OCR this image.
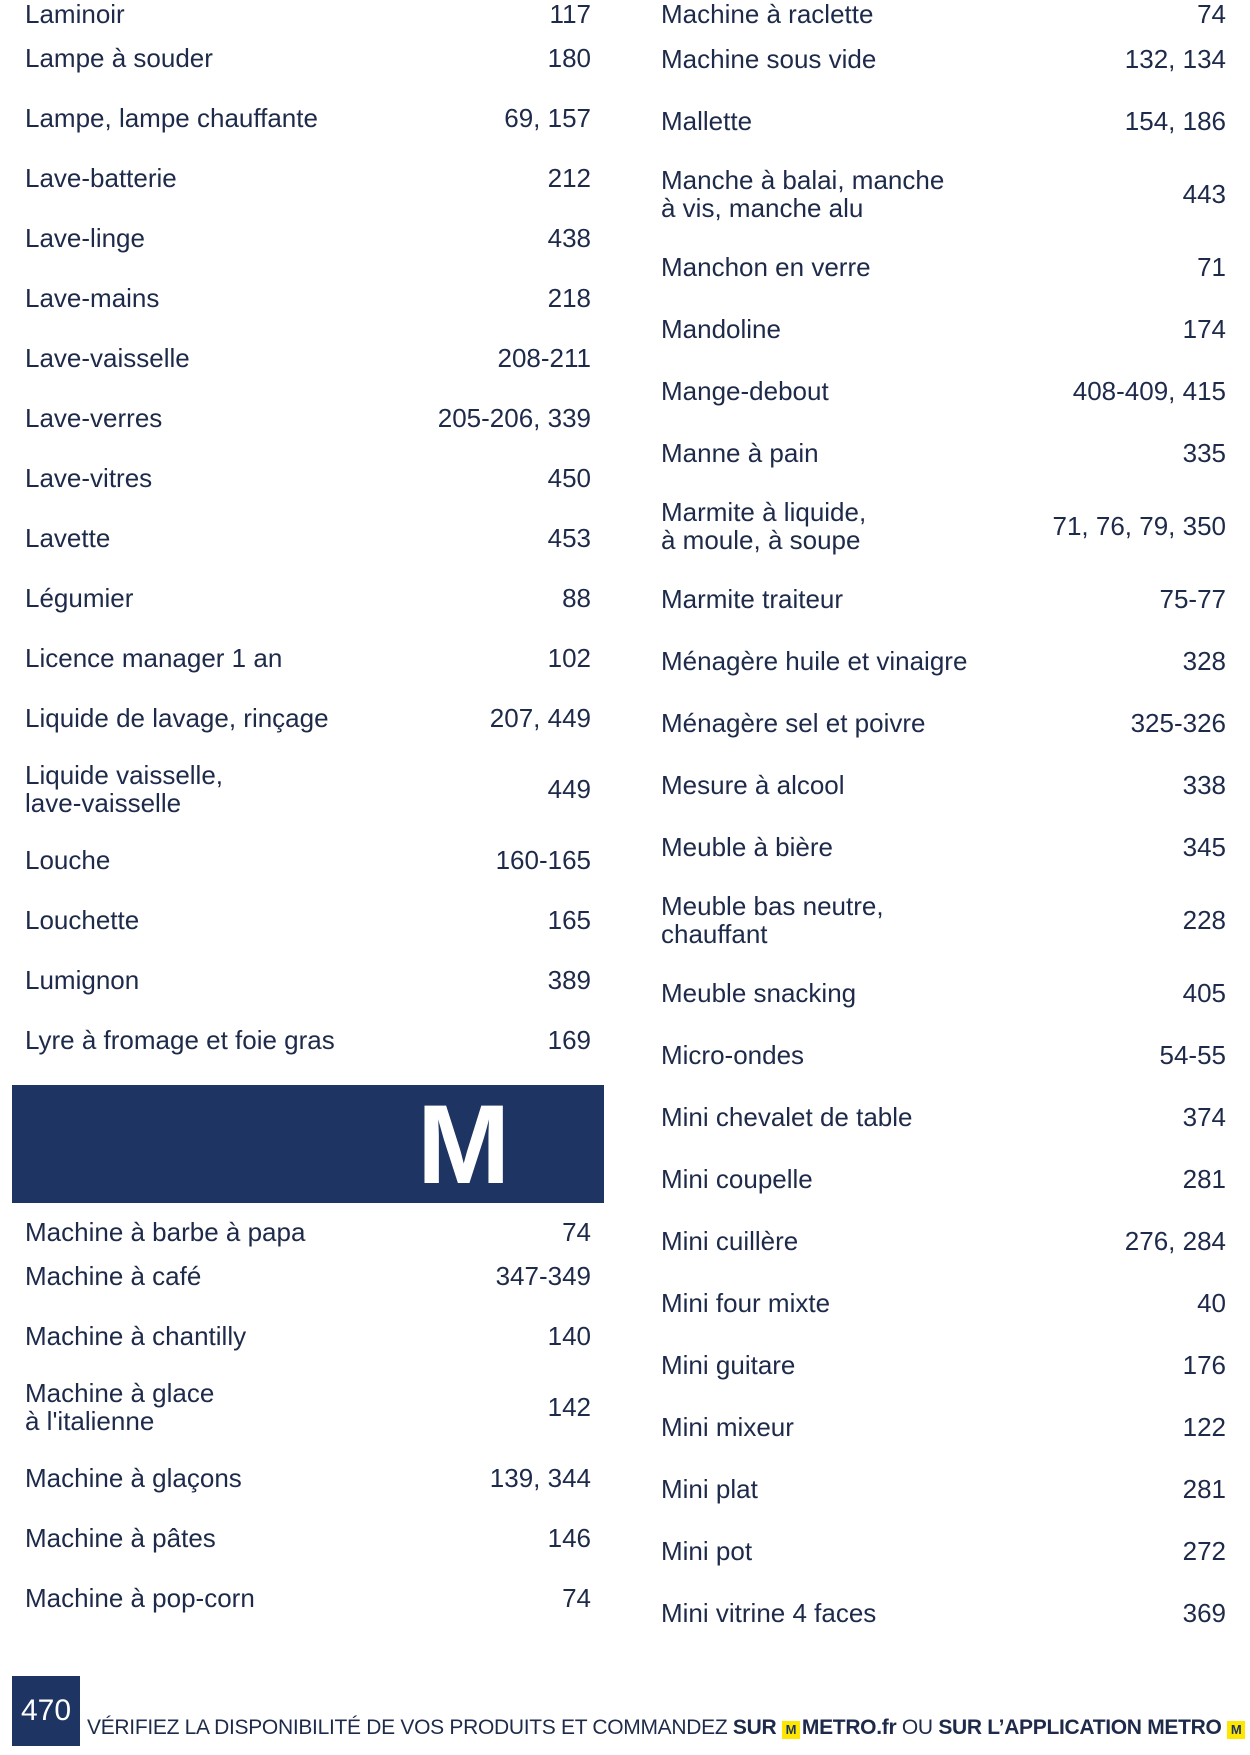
Laminoir	117
Lampe à souder	180
Lampe, lampe chauffante	69, 157
Lave-batterie	212
Lave-linge	438
Lave-mains	218
Lave-vaisselle	208-211
Lave-verres	205-206, 339
Lave-vitres	450
Lavette	453
Légumier	88
Licence manager 1 an	102
Liquide de lavage, rinçage	207, 449
Liquide vaisselle,
lave-vaisselle	449
Louche	160-165
Louchette	165
Lumignon	389
Lyre à fromage et foie gras	169
M
Machine à barbe à papa	74
Machine à café	347-349
Machine à chantilly	140
Machine à glace
à l'italienne	142
Machine à glaçons	139, 344
Machine à pâtes	146
Machine à pop-corn	74
Machine à raclette	74
Machine sous vide	132, 134
Mallette	154, 186
Manche à balai, manche
à vis, manche alu	443
Manchon en verre	71
Mandoline	174
Mange-debout	408-409, 415
Manne à pain	335
Marmite à liquide,
à moule, à soupe	71, 76, 79, 350
Marmite traiteur	75-77
Ménagère huile et vinaigre	328
Ménagère sel et poivre	325-326
Mesure à alcool	338
Meuble à bière	345
Meuble bas neutre,
chauffant	228
Meuble snacking	405
Micro-ondes	54-55
Mini chevalet de table	374
Mini coupelle	281
Mini cuillère	276, 284
Mini four mixte	40
Mini guitare	176
Mini mixeur	122
Mini plat	281
Mini pot	272
Mini vitrine 4 faces	369
470
VÉRIFIEZ LA DISPONIBILITÉ DE VOS PRODUITS ET COMMANDEZ SUR M METRO.fr OU SUR L’APPLICATION METRO M
